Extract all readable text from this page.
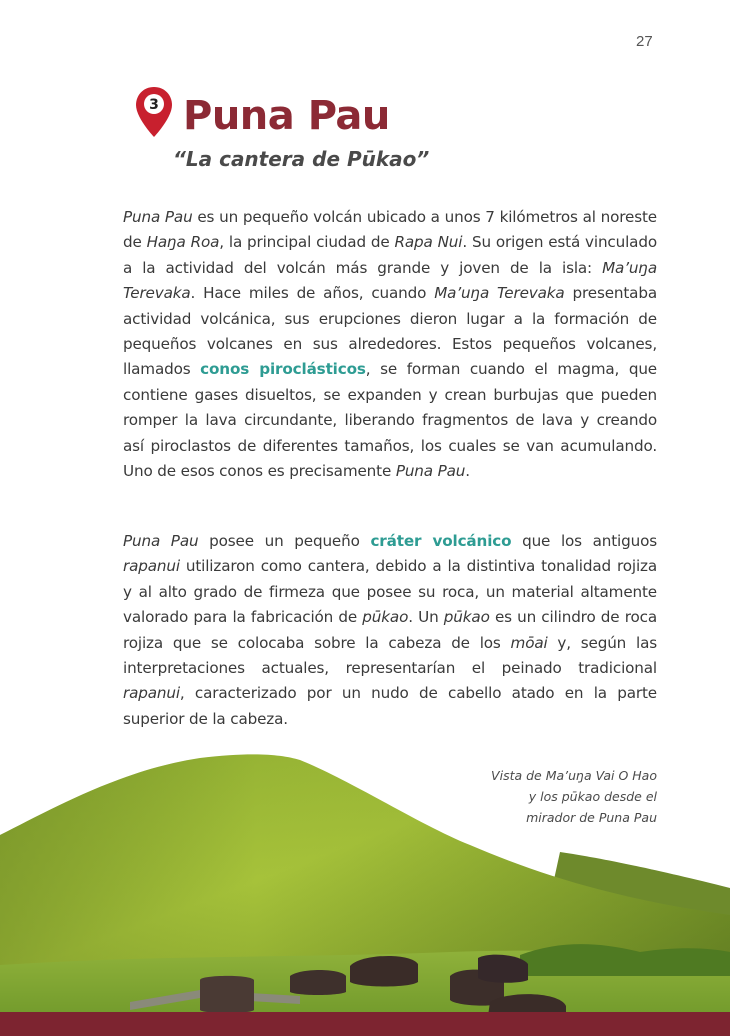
27
3 Puna Pau
“La cantera de Pūkao”

Puna Pau es un pequeño volcán ubicado a unos 7 kilómetros al noreste de Haŋa Roa, la principal ciudad de Rapa Nui. Su origen está vinculado a la actividad del volcán más grande y joven de la isla: Ma’uŋa Terevaka. Hace miles de años, cuando Ma’uŋa Terevaka presentaba actividad volcánica, sus erupciones dieron lugar a la formación de pequeños volcanes en sus alrededores. Estos pequeños volcanes, llamados conos piroclásticos, se forman cuando el magma, que contiene gases disueltos, se expanden y crean burbujas que pueden romper la lava circundante, liberando fragmentos de lava y creando así piroclastos de diferentes tamaños, los cuales se van acumulando. Uno de esos conos es precisamente Puna Pau.

Puna Pau posee un pequeño cráter volcánico que los antiguos rapanui utilizaron como cantera, debido a la distintiva tonalidad rojiza y al alto grado de firmeza que posee su roca, un material altamente valorado para la fabricación de pūkao. Un pūkao es un cilindro de roca rojiza que se colocaba sobre la cabeza de los mōai y, según las interpretaciones actuales, representarían el peinado tradicional rapanui, caracterizado por un nudo de cabello atado en la parte superior de la cabeza.

Vista de Ma’uŋa Vai O Hao
y los pūkao desde el
mirador de Puna Pau
